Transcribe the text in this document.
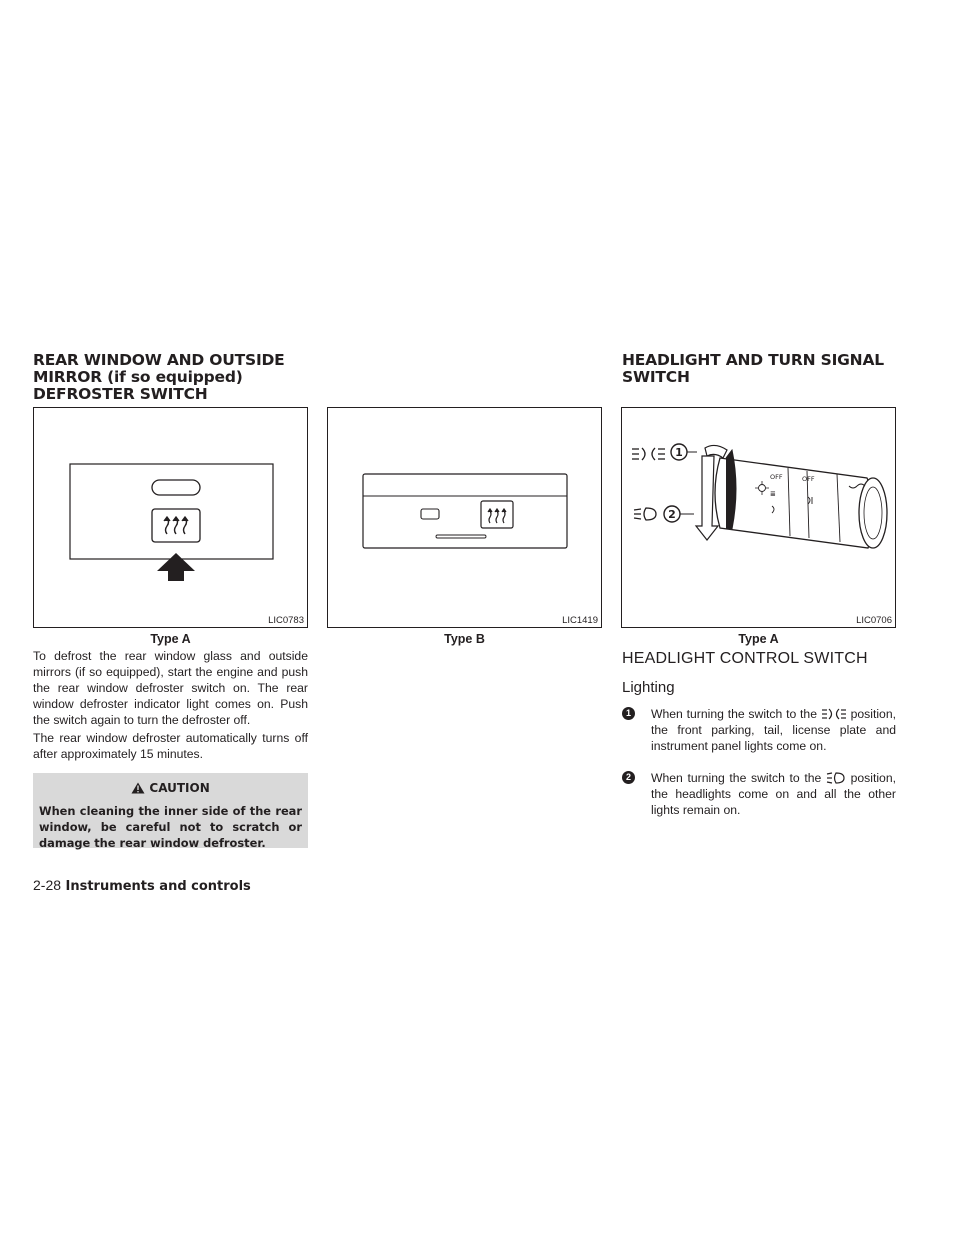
REAR WINDOW AND OUTSIDE
MIRROR (if so equipped)
DEFROSTER SWITCH
HEADLIGHT AND TURN SIGNAL
SWITCH
LIC0783
Type A
LIC1419
Type B
1
2
OFF	OFF
≣
LIC0706
Type A

To defrost the rear window glass and outside mirrors (if so equipped), start the engine and push the rear window defroster switch on. The rear window defroster indicator light comes on. Push the switch again to turn the defroster off.

The rear window defroster automatically turns off after approximately 15 minutes.

CAUTION
When cleaning the inner side of the rear window, be careful not to scratch or damage the rear window defroster.
HEADLIGHT CONTROL SWITCH
Lighting
1	When turning the switch to the	position, the front parking, tail, license plate and instrument panel lights come on.
2	When turning the switch to the position, the headlights come on and all the other lights remain on.
2-28 Instruments and controls
